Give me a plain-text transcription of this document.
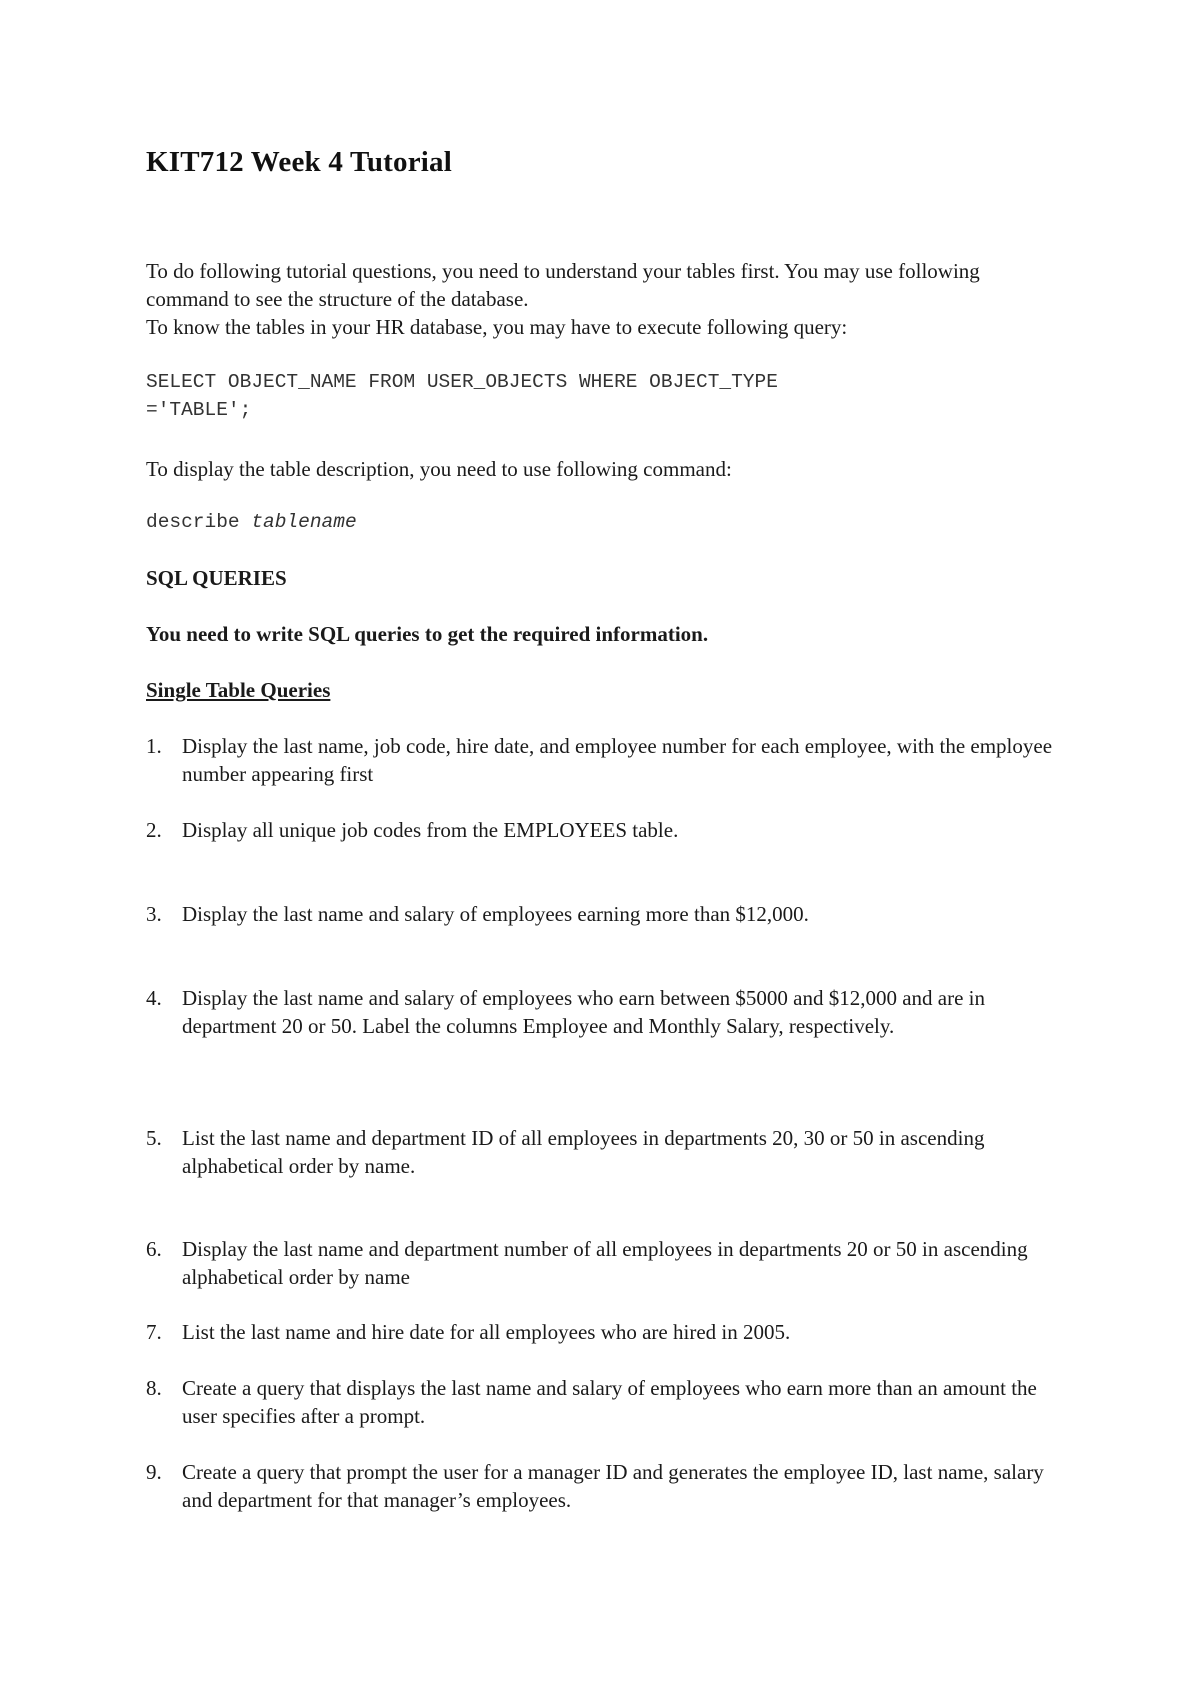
KIT712 Week 4 Tutorial

To do following tutorial questions, you need to understand your tables first. You may use following command to see the structure of the database.

To know the tables in your HR database, you may have to execute following query:

SELECT OBJECT_NAME FROM USER_OBJECTS WHERE OBJECT_TYPE
='TABLE';
To display the table description, you need to use following command:
describe tablename
SQL QUERIES
You need to write SQL queries to get the required information.
Single Table Queries
1. Display the last name, job code, hire date, and employee number for each employee, with the employee number appearing first
2. Display all unique job codes from the EMPLOYEES table.
3. Display the last name and salary of employees earning more than $12,000.
4. Display the last name and salary of employees who earn between $5000 and $12,000 and are in department 20 or 50. Label the columns Employee and Monthly Salary, respectively.
5. List the last name and department ID of all employees in departments 20, 30 or 50 in ascending alphabetical order by name.
6. Display the last name and department number of all employees in departments 20 or 50 in ascending alphabetical order by name
7. List the last name and hire date for all employees who are hired in 2005.
8. Create a query that displays the last name and salary of employees who earn more than an amount the user specifies after a prompt.
9. Create a query that prompt the user for a manager ID and generates the employee ID, last name, salary and department for that manager’s employees.
